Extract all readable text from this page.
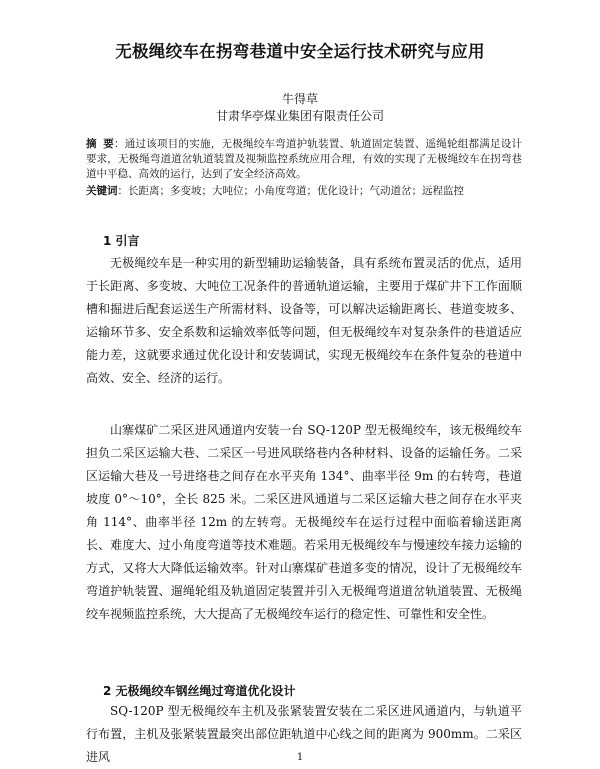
无极绳绞车在拐弯巷道中安全运行技术研究与应用
牛得草
甘肃华亭煤业集团有限责任公司
摘 要：通过该项目的实施，无极绳绞车弯道护轨装置、轨道固定装置、遥绳轮组都满足设计要求，无极绳弯道道岔轨道装置及视频监控系统应用合理，有效的实现了无极绳绞车在拐弯巷道中平稳、高效的运行，达到了安全经济高效。
关键词：长距离；多变坡；大吨位；小角度弯道；优化设计；气动道岔；远程监控
1 引言

无极绳绞车是一种实用的新型辅助运输装备，具有系统布置灵活的优点，适用于长距离、多变坡、大吨位工况条件的普通轨道运输，主要用于煤矿井下工作面顺槽和掘进后配套运送生产所需材料、设备等，可以解决运输距离长、巷道变坡多、运输环节多、安全系数和运输效率低等问题，但无极绳绞车对复杂条件的巷道适应能力差，这就要求通过优化设计和安装调试，实现无极绳绞车在条件复杂的巷道中高效、安全、经济的运行。

山寨煤矿二采区进风通道内安装一台 SQ-120P 型无极绳绞车，该无极绳绞车担负二采区运输大巷、二采区一号进风联络巷内各种材料、设备的运输任务。二采区运输大巷及一号进络巷之间存在水平夹角 134°、曲率半径 9m 的右转弯，巷道坡度 0°～10°，全长 825 米。二采区进风通道与二采区运输大巷之间存在水平夹角 114°、曲率半径 12m 的左转弯。无极绳绞车在运行过程中面临着输送距离长、难度大、过小角度弯道等技术难题。若采用无极绳绞车与慢速绞车接力运输的方式，又将大大降低运输效率。针对山寨煤矿巷道多变的情况，设计了无极绳绞车弯道护轨装置、遛绳轮组及轨道固定装置并引入无极绳弯道道岔轨道装置、无极绳绞车视频监控系统，大大提高了无极绳绞车运行的稳定性、可靠性和安全性。

2 无极绳绞车钢丝绳过弯道优化设计

SQ-120P 型无极绳绞车主机及张紧装置安装在二采区进风通道内，与轨道平行布置，主机及张紧装置最突出部位距轨道中心线之间的距离为 900mm。二采区进风	1
